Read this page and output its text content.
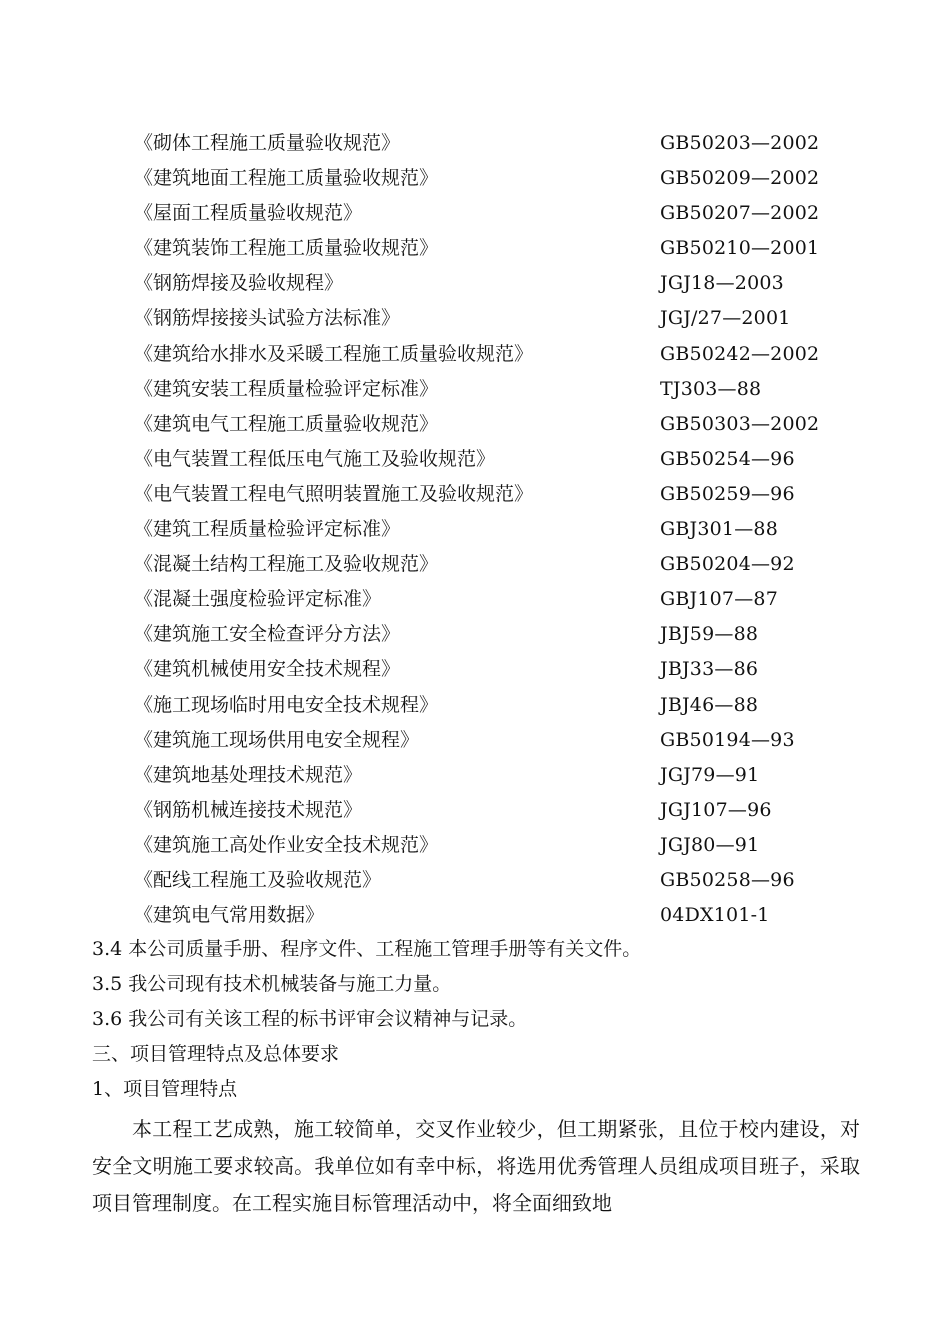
《砌体工程施工质量验收规范》	GB50203—2002
《建筑地面工程施工质量验收规范》	GB50209—2002
《屋面工程质量验收规范》	GB50207—2002
《建筑装饰工程施工质量验收规范》	GB50210—2001
《钢筋焊接及验收规程》	JGJ18—2003
《钢筋焊接接头试验方法标准》	JGJ/27—2001
《建筑给水排水及采暖工程施工质量验收规范》	GB50242—2002
《建筑安装工程质量检验评定标准》	TJ303—88
《建筑电气工程施工质量验收规范》	GB50303—2002
《电气装置工程低压电气施工及验收规范》	GB50254—96
《电气装置工程电气照明装置施工及验收规范》	GB50259—96
《建筑工程质量检验评定标准》	GBJ301—88
《混凝土结构工程施工及验收规范》	GB50204—92
《混凝土强度检验评定标准》	GBJ107—87
《建筑施工安全检查评分方法》	JBJ59—88
《建筑机械使用安全技术规程》	JBJ33—86
《施工现场临时用电安全技术规程》	JBJ46—88
《建筑施工现场供用电安全规程》	GB50194—93
《建筑地基处理技术规范》	JGJ79—91
《钢筋机械连接技术规范》	JGJ107—96
《建筑施工高处作业安全技术规范》	JGJ80—91
《配线工程施工及验收规范》	GB50258—96
《建筑电气常用数据》	04DX101-1
3.4 本公司质量手册、程序文件、工程施工管理手册等有关文件。
3.5 我公司现有技术机械装备与施工力量。
3.6 我公司有关该工程的标书评审会议精神与记录。
三、项目管理特点及总体要求
1、项目管理特点
本工程工艺成熟，施工较简单，交叉作业较少，但工期紧张，且位于校内建设，对安全文明施工要求较高。我单位如有幸中标，将选用优秀管理人员组成项目班子，采取项目管理制度。在工程实施目标管理活动中，将全面细致地
